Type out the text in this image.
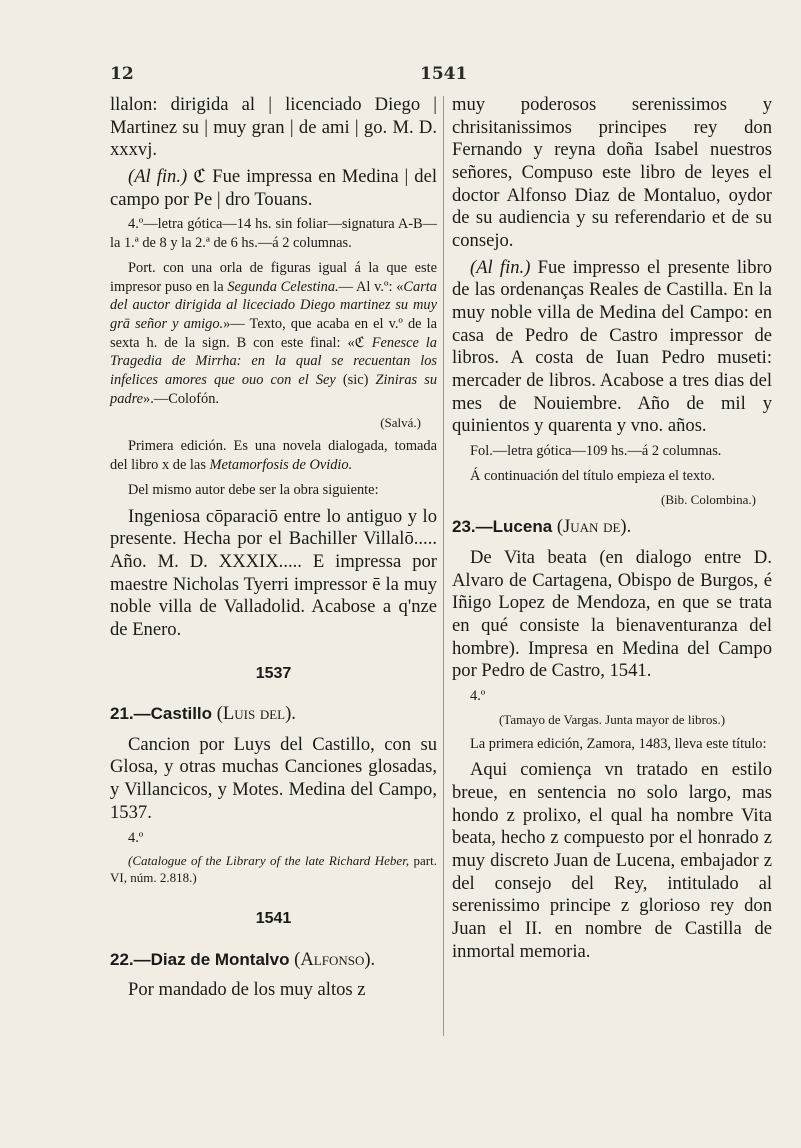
12	1541

llalon: dirigida al | licenciado Diego | Martinez su | muy gran | de ami | go. M. D. xxxvj.

(Al fin.) ℭ Fue impressa en Medina | del campo por Pe | dro Touans.

4.º—letra gótica—14 hs. sin foliar—signatura A-B—la 1.ª de 8 y la 2.ª de 6 hs.—á 2 columnas.

Port. con una orla de figuras igual á la que este impresor puso en la Segunda Celestina.— Al v.º: «Carta del auctor dirigida al liceciado Diego martinez su muy grā señor y amigo.»— Texto, que acaba en el v.º de la sexta h. de la sign. B con este final: «ℭ Fenesce la Tragedia de Mirrha: en la qual se recuentan los infelices amores que ouo con el Sey (sic) Ziniras su padre».—Colofón.

(Salvá.)

Primera edición. Es una novela dialogada, tomada del libro x de las Metamorfosis de Ovidio.

Del mismo autor debe ser la obra siguiente:

Ingeniosa cōparaciō entre lo antiguo y lo presente. Hecha por el Bachiller Villalō..... Año. M. D. XXXIX..... E impressa por maestre Nicholas Tyerri impressor ē la muy noble villa de Valladolid. Acabose a q'nze de Enero.

1537
21.—Castillo (Luis del).

Cancion por Luys del Castillo, con su Glosa, y otras muchas Canciones glosadas, y Villancicos, y Motes. Medina del Campo, 1537.

4.º

(Catalogue of the Library of the late Richard Heber, part. VI, núm. 2.818.)

1541
22.—Diaz de Montalvo (Alfonso).

Por mandado de los muy altos z

muy poderosos serenissimos y chrisitanissimos principes rey don Fernando y reyna doña Isabel nuestros señores, Compuso este libro de leyes el doctor Alfonso Diaz de Montaluo, oydor de su audiencia y su referendario et de su consejo.

(Al fin.) Fue impresso el presente libro de las ordenanças Reales de Castilla. En la muy noble villa de Medina del Campo: en casa de Pedro de Castro impressor de libros. A costa de Iuan Pedro museti: mercader de libros. Acabose a tres dias del mes de Nouiembre. Año de mil y quinientos y quarenta y vno. años.

Fol.—letra gótica—109 hs.—á 2 columnas.

Á continuación del título empieza el texto.

(Bib. Colombina.)

23.—Lucena (Juan de).

De Vita beata (en dialogo entre D. Alvaro de Cartagena, Obispo de Burgos, é Iñigo Lopez de Mendoza, en que se trata en qué consiste la bienaventuranza del hombre). Impresa en Medina del Campo por Pedro de Castro, 1541.

4.º

(Tamayo de Vargas. Junta mayor de libros.)

La primera edición, Zamora, 1483, lleva este título:

Aqui comiença vn tratado en estilo breue, en sentencia no solo largo, mas hondo z prolixo, el qual ha nombre Vita beata, hecho z compuesto por el honrado z muy discreto Juan de Lucena, embajador z del consejo del Rey, intitulado al serenissimo principe z glorioso rey don Juan el II. en nombre de Castilla de inmortal memoria.
